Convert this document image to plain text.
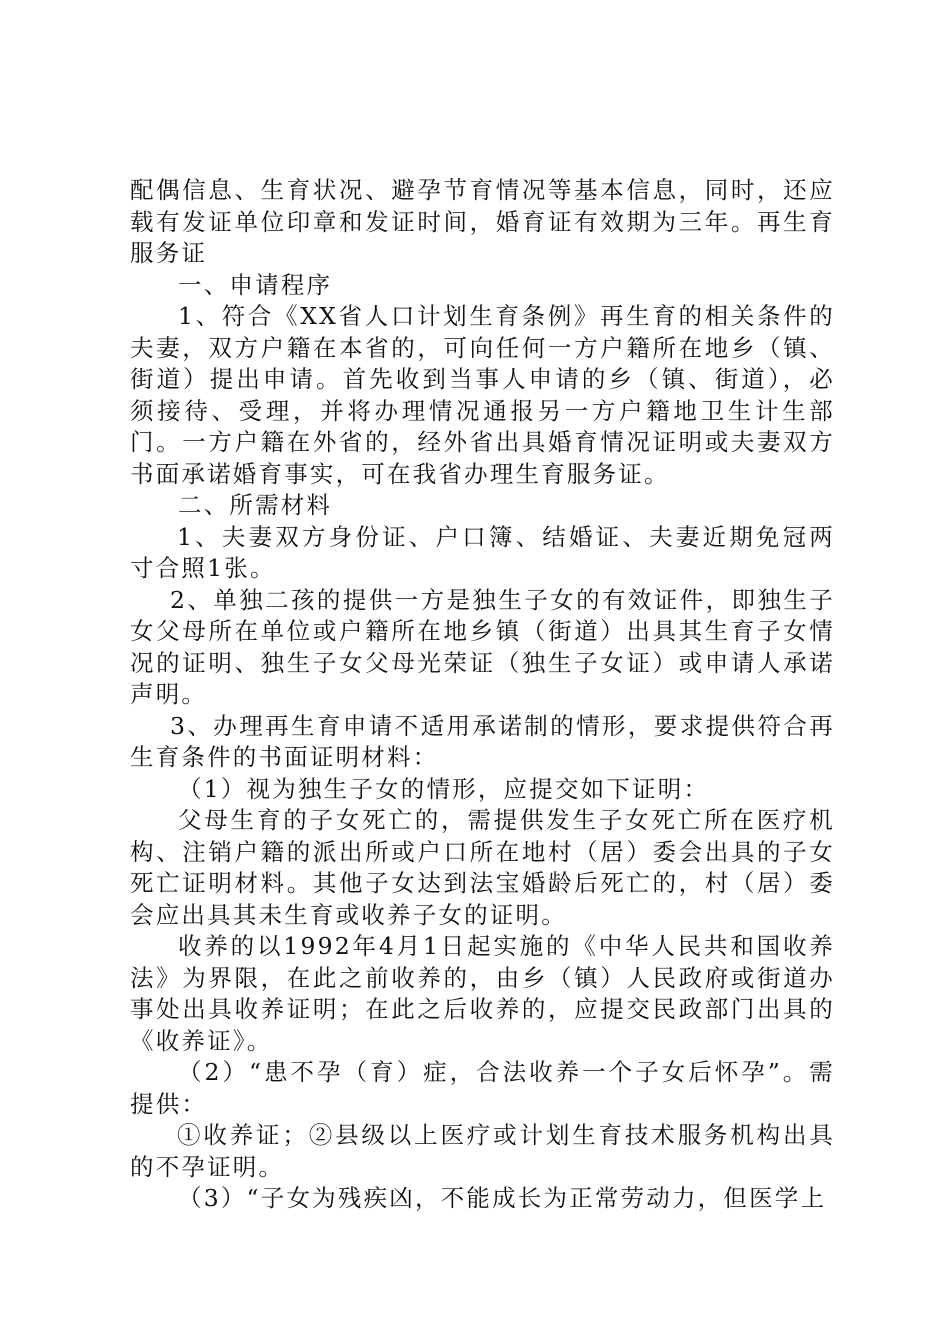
配偶信息、生育状况、避孕节育情况等基本信息，同时，还应载有发证单位印章和发证时间，婚育证有效期为三年。再生育服务证

一、申请程序

1、符合《XX省人口计划生育条例》再生育的相关条件的夫妻，双方户籍在本省的，可向任何一方户籍所在地乡（镇、街道）提出申请。首先收到当事人申请的乡（镇、街道），必须接待、受理，并将办理情况通报另一方户籍地卫生计生部门。一方户籍在外省的，经外省出具婚育情况证明或夫妻双方书面承诺婚育事实，可在我省办理生育服务证。

二、所需材料

1、夫妻双方身份证、户口簿、结婚证、夫妻近期免冠两寸合照1张。

2、单独二孩的提供一方是独生子女的有效证件，即独生子女父母所在单位或户籍所在地乡镇（街道）出具其生育子女情况的证明、独生子女父母光荣证（独生子女证）或申请人承诺声明。

3、办理再生育申请不适用承诺制的情形，要求提供符合再生育条件的书面证明材料：

（1）视为独生子女的情形，应提交如下证明：

父母生育的子女死亡的，需提供发生子女死亡所在医疗机构、注销户籍的派出所或户口所在地村（居）委会出具的子女死亡证明材料。其他子女达到法宝婚龄后死亡的，村（居）委会应出具其未生育或收养子女的证明。

收养的以1992年4月1日起实施的《中华人民共和国收养法》为界限，在此之前收养的，由乡（镇）人民政府或街道办事处出具收养证明；在此之后收养的，应提交民政部门出具的《收养证》。

（2）“患不孕（育）症，合法收养一个子女后怀孕”。需提供：

①收养证；②县级以上医疗或计划生育技术服务机构出具的不孕证明。

（3）“子女为残疾凶，不能成长为正常劳动力，但医学上
